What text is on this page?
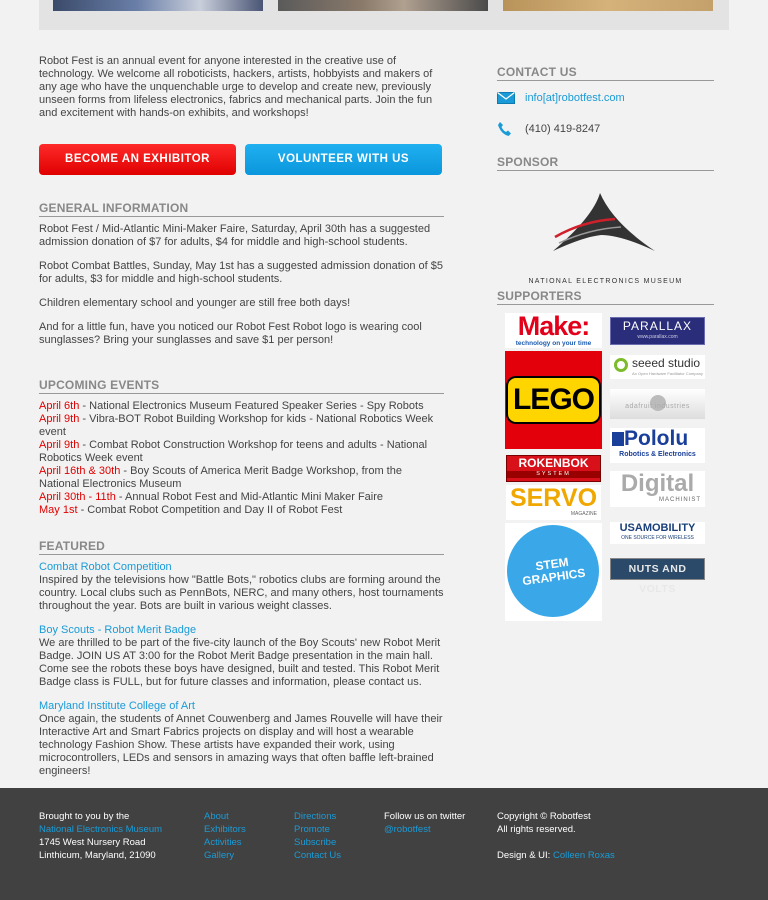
Robot Fest is an annual event for anyone interested in the creative use of technology. We welcome all roboticists, hackers, artists, hobbyists and makers of any age who have the unquenchable urge to develop and create new, previously unseen forms from lifeless electronics, fabrics and mechanical parts. Join the fun and excitement with hands-on exhibits, and workshops!

BECOME AN EXHIBITOR	VOLUNTEER WITH US
GENERAL INFORMATION

Robot Fest / Mid-Atlantic Mini-Maker Faire, Saturday, April 30th has a suggested admission donation of $7 for adults, $4 for middle and high-school students.

Robot Combat Battles, Sunday, May 1st has a suggested admission donation of $5 for adults, $3 for middle and high-school students.

Children elementary school and younger are still free both days!

And for a little fun, have you noticed our Robot Fest Robot logo is wearing cool sunglasses? Bring your sunglasses and save $1 per person!

UPCOMING EVENTS
April 6th - National Electronics Museum Featured Speaker Series - Spy Robots
April 9th - Vibra-BOT Robot Building Workshop for kids - National Robotics Week event
April 9th - Combat Robot Construction Workshop for teens and adults - National Robotics Week event
April 16th & 30th - Boy Scouts of America Merit Badge Workshop, from the National Electronics Museum
April 30th - 11th - Annual Robot Fest and Mid-Atlantic Mini Maker Faire
May 1st - Combat Robot Competition and Day II of Robot Fest
FEATURED
Combat Robot Competition
Inspired by the televisions how "Battle Bots," robotics clubs are forming around the country. Local clubs such as PennBots, NERC, and many others, host tournaments throughout the year. Bots are built in various weight classes.
Boy Scouts - Robot Merit Badge
We are thrilled to be part of the five-city launch of the Boy Scouts' new Robot Merit Badge. JOIN US AT 3:00 for the Robot Merit Badge presentation in the main hall. Come see the robots these boys have designed, built and tested. This Robot Merit Badge class is FULL, but for future classes and information, please contact us.
Maryland Institute College of Art
Once again, the students of Annet Couwenberg and James Rouvelle will have their Interactive Art and Smart Fabrics projects on display and will host a wearable technology Fashion Show. These artists have expanded their work, using microcontrollers, LEDs and sensors in amazing ways that often baffle left-brained engineers!
CONTACT US
info[at]robotfest.com
(410) 419-8247
SPONSOR
NATIONAL ELECTRONICS MUSEUM
SUPPORTERS
Make:
technology on your time
PARALLAX
www.parallax.com
seeed studio
An Open Hardware Facilitator Company
LEGO	adafruit industries
Pololu
Robotics & Electronics
ROKENBOK
SYSTEM	Digital
MACHINIST
SERVO
MAGAZINE
USAMOBILITY
ONE SOURCE FOR WIRELESS
STEM GRAPHICS	NUTS AND VOLTS
Brought to you by the
National Electronics Museum
1745 West Nursery Road
Linthicum, Maryland, 21090
About
Exhibitors
Activities
Gallery
Directions
Promote
Subscribe
Contact Us
Follow us on twitter
@robotfest
Copyright © Robotfest
All rights reserved.
Design & UI: Colleen Roxas
